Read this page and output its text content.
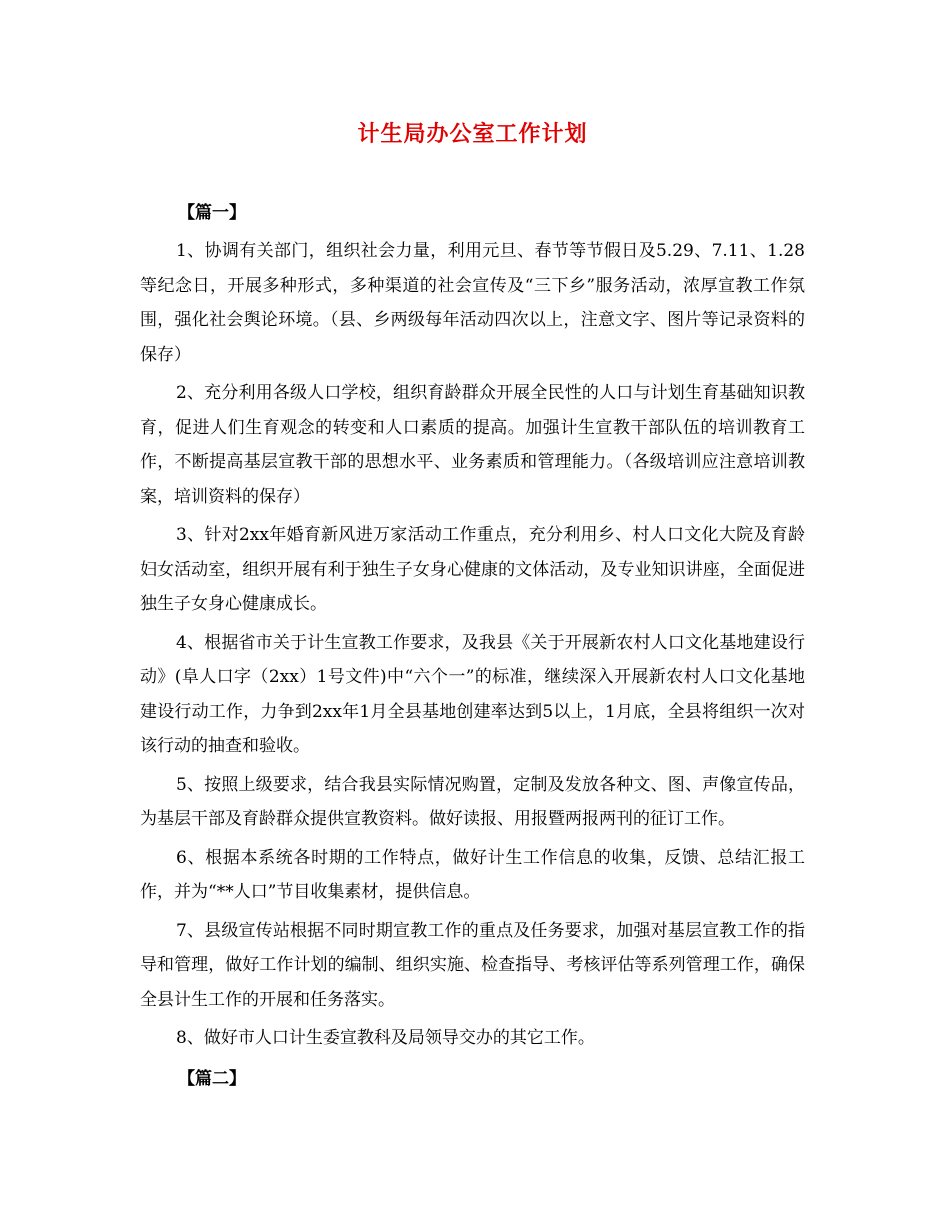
计生局办公室工作计划
【篇一】

1、协调有关部门，组织社会力量，利用元旦、春节等节假日及5.29、7.11、1.28等纪念日，开展多种形式，多种渠道的社会宣传及“三下乡”服务活动，浓厚宣教工作氛围，强化社会舆论环境。（县、乡两级每年活动四次以上，注意文字、图片等记录资料的保存）

2、充分利用各级人口学校，组织育龄群众开展全民性的人口与计划生育基础知识教育，促进人们生育观念的转变和人口素质的提高。加强计生宣教干部队伍的培训教育工作，不断提高基层宣教干部的思想水平、业务素质和管理能力。（各级培训应注意培训教案，培训资料的保存）

3、针对2xx年婚育新风进万家活动工作重点，充分利用乡、村人口文化大院及育龄妇女活动室，组织开展有利于独生子女身心健康的文体活动，及专业知识讲座，全面促进独生子女身心健康成长。

4、根据省市关于计生宣教工作要求，及我县《关于开展新农村人口文化基地建设行动》(阜人口字（2xx）1号文件)中“六个一”的标准，继续深入开展新农村人口文化基地建设行动工作，力争到2xx年1月全县基地创建率达到5以上，1月底，全县将组织一次对该行动的抽查和验收。

5、按照上级要求，结合我县实际情况购置，定制及发放各种文、图、声像宣传品，为基层干部及育龄群众提供宣教资料。做好读报、用报暨两报两刊的征订工作。

6、根据本系统各时期的工作特点，做好计生工作信息的收集，反馈、总结汇报工作，并为“**人口”节目收集素材，提供信息。

7、县级宣传站根据不同时期宣教工作的重点及任务要求，加强对基层宣教工作的指导和管理，做好工作计划的编制、组织实施、检查指导、考核评估等系列管理工作，确保全县计生工作的开展和任务落实。

8、做好市人口计生委宣教科及局领导交办的其它工作。

【篇二】
